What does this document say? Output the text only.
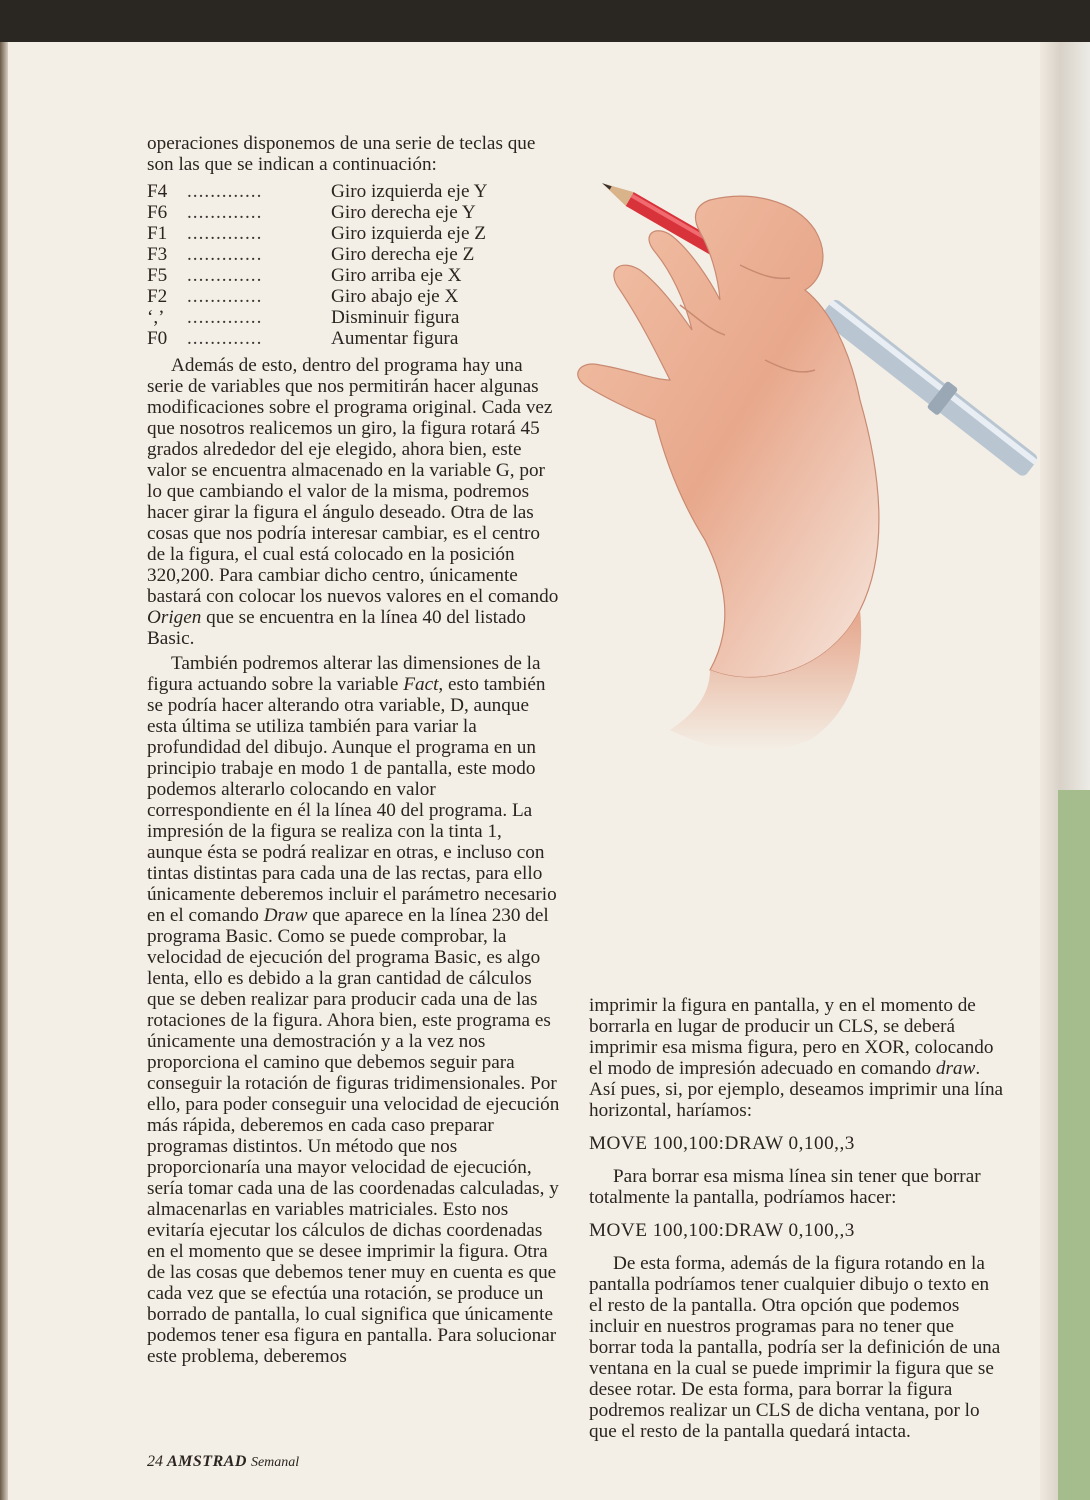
operaciones disponemos de una serie de teclas que son las que se indican a continuación:

F4	.............	Giro izquierda eje Y
F6	.............	Giro derecha eje Y
F1	.............	Giro izquierda eje Z
F3	.............	Giro derecha eje Z
F5	.............	Giro arriba eje X
F2	.............	Giro abajo eje X
‘,’	.............	Disminuir figura
F0	.............	Aumentar figura

Además de esto, dentro del programa hay una serie de variables que nos permitirán hacer algunas modificaciones sobre el programa original. Cada vez que nosotros realicemos un giro, la figura rotará 45 grados alrededor del eje elegido, ahora bien, este valor se encuentra almacenado en la variable G, por lo que cambiando el valor de la misma, podremos hacer girar la figura el ángulo deseado. Otra de las cosas que nos podría interesar cambiar, es el centro de la figura, el cual está colocado en la posición 320,200. Para cambiar dicho centro, únicamente bastará con colocar los nuevos valores en el comando Origen que se encuentra en la línea 40 del listado Basic.

También podremos alterar las dimensiones de la figura actuando sobre la variable Fact, esto también se podría hacer alterando otra variable, D, aunque esta última se utiliza también para variar la profundidad del dibujo. Aunque el programa en un principio trabaje en modo 1 de pantalla, este modo podemos alterarlo colocando en valor correspondiente en él la línea 40 del programa. La impresión de la figura se realiza con la tinta 1, aunque ésta se podrá realizar en otras, e incluso con tintas distintas para cada una de las rectas, para ello únicamente deberemos incluir el parámetro necesario en el comando Draw que aparece en la línea 230 del programa Basic. Como se puede comprobar, la velocidad de ejecución del programa Basic, es algo lenta, ello es debido a la gran cantidad de cálculos que se deben realizar para producir cada una de las rotaciones de la figura. Ahora bien, este programa es únicamente una demostración y a la vez nos proporciona el camino que debemos seguir para conseguir la rotación de figuras tridimensionales. Por ello, para poder conseguir una velocidad de ejecución más rápida, deberemos en cada caso preparar programas distintos. Un método que nos proporcionaría una mayor velocidad de ejecución, sería tomar cada una de las coordenadas calculadas, y almacenarlas en variables matriciales. Esto nos evitaría ejecutar los cálculos de dichas coordenadas en el momento que se desee imprimir la figura. Otra de las cosas que debemos tener muy en cuenta es que cada vez que se efectúa una rotación, se produce un borrado de pantalla, lo cual significa que únicamente podemos tener esa figura en pantalla. Para solucionar este problema, deberemos

imprimir la figura en pantalla, y en el momento de borrarla en lugar de producir un CLS, se deberá imprimir esa misma figura, pero en XOR, colocando el modo de impresión adecuado en comando draw. Así pues, si, por ejemplo, deseamos imprimir una lína horizontal, haríamos:

MOVE 100,100:DRAW 0,100,,3

Para borrar esa misma línea sin tener que borrar totalmente la pantalla, podríamos hacer:

MOVE 100,100:DRAW 0,100,,3

De esta forma, además de la figura rotando en la pantalla podríamos tener cualquier dibujo o texto en el resto de la pantalla. Otra opción que podemos incluir en nuestros programas para no tener que borrar toda la pantalla, podría ser la definición de una ventana en la cual se puede imprimir la figura que se desee rotar. De esta forma, para borrar la figura podremos realizar un CLS de dicha ventana, por lo que el resto de la pantalla quedará intacta.

24 AMSTRAD Semanal
